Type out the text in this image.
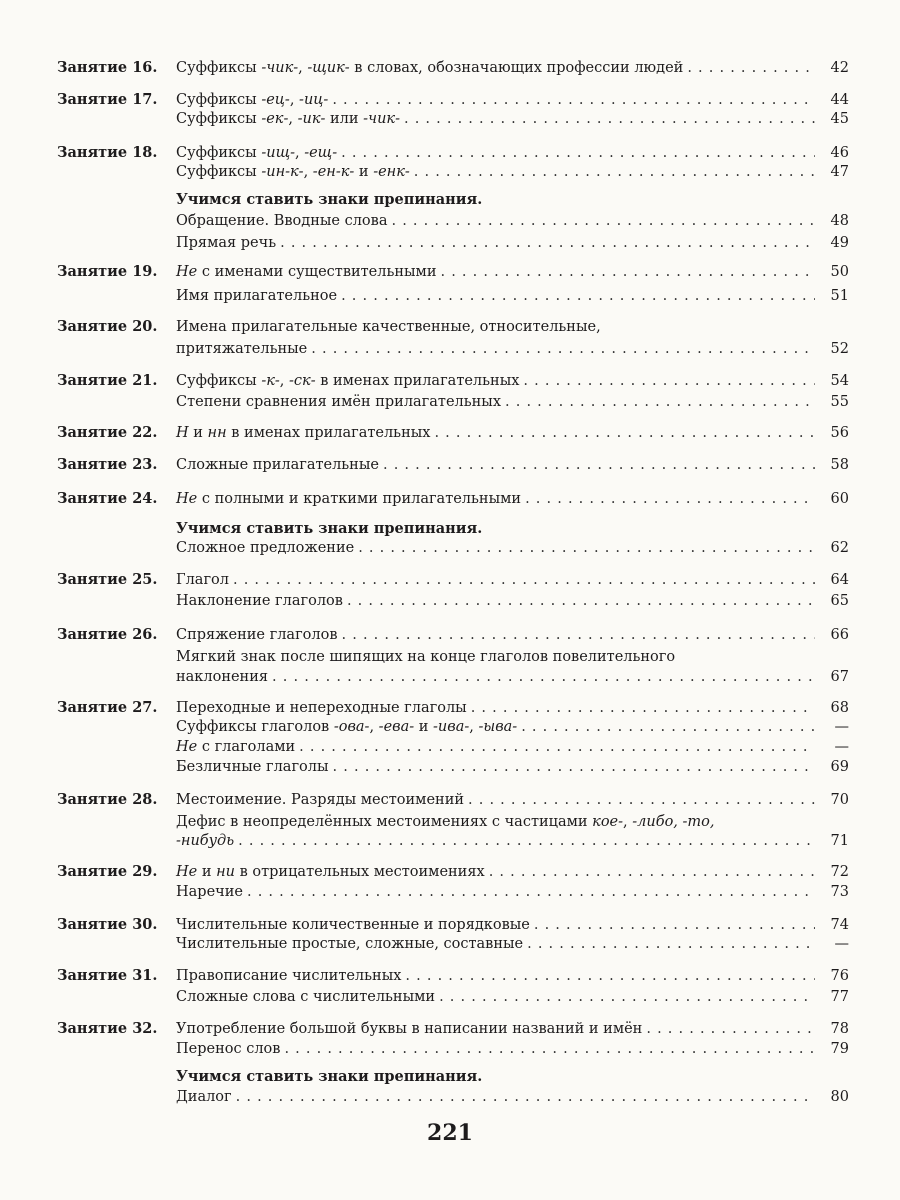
Занятие 16.	Суффиксы -чик-, -щик- в словах, обозначающих профессии людей . . .	42
Занятие 17.	Суффиксы -ец-, -иц- . . .	44
Суффиксы -ек-, -ик- или -чик- . . .	45
Занятие 18.	Суффиксы -ищ-, -ещ- . . .	46
Суффиксы -ин-к-, -ен-к- и -енк- . . .	47
Учимся ставить знаки препинания.
Обращение. Вводные слова . . .	48
Прямая речь . . .	49
Занятие 19.	Не с именами существительными . . .	50
Имя прилагательное . . .	51
Занятие 20.	Имена прилагательные качественные, относительные,
притяжательные . . .	52
Занятие 21.	Суффиксы -к-, -ск- в именах прилагательных . . .	54
Степени сравнения имён прилагательных . . .	55
Занятие 22.	Н и нн в именах прилагательных . . .	56
Занятие 23.	Сложные прилагательные . . .	58
Занятие 24.	Не с полными и краткими прилагательными . . .	60
Учимся ставить знаки препинания.
Сложное предложение . . .	62
Занятие 25.	Глагол . . .	64
Наклонение глаголов . . .	65
Занятие 26.	Спряжение глаголов . . .	66
Мягкий знак после шипящих на конце глаголов повелительного
наклонения . . .	67
Занятие 27.	Переходные и непереходные глаголы . . .	68
Суффиксы глаголов -ова-, -ева- и -ива-, -ыва- . . .	—
Не с глаголами . . .	—
Безличные глаголы . . .	69
Занятие 28.	Местоимение. Разряды местоимений . . .	70
Дефис в неопределённых местоимениях с частицами кое-, -либо, -то,
-нибудь . . .	71
Занятие 29.	Не и ни в отрицательных местоимениях . . .	72
Наречие . . .	73
Занятие 30.	Числительные количественные и порядковые . . .	74
Числительные простые, сложные, составные . . .	—
Занятие 31.	Правописание числительных . . .	76
Сложные слова с числительными . . .	77
Занятие 32.	Употребление большой буквы в написании названий и имён . . .	78
Перенос слов . . .	79
Учимся ставить знаки препинания.
Диалог . . .	80
221
